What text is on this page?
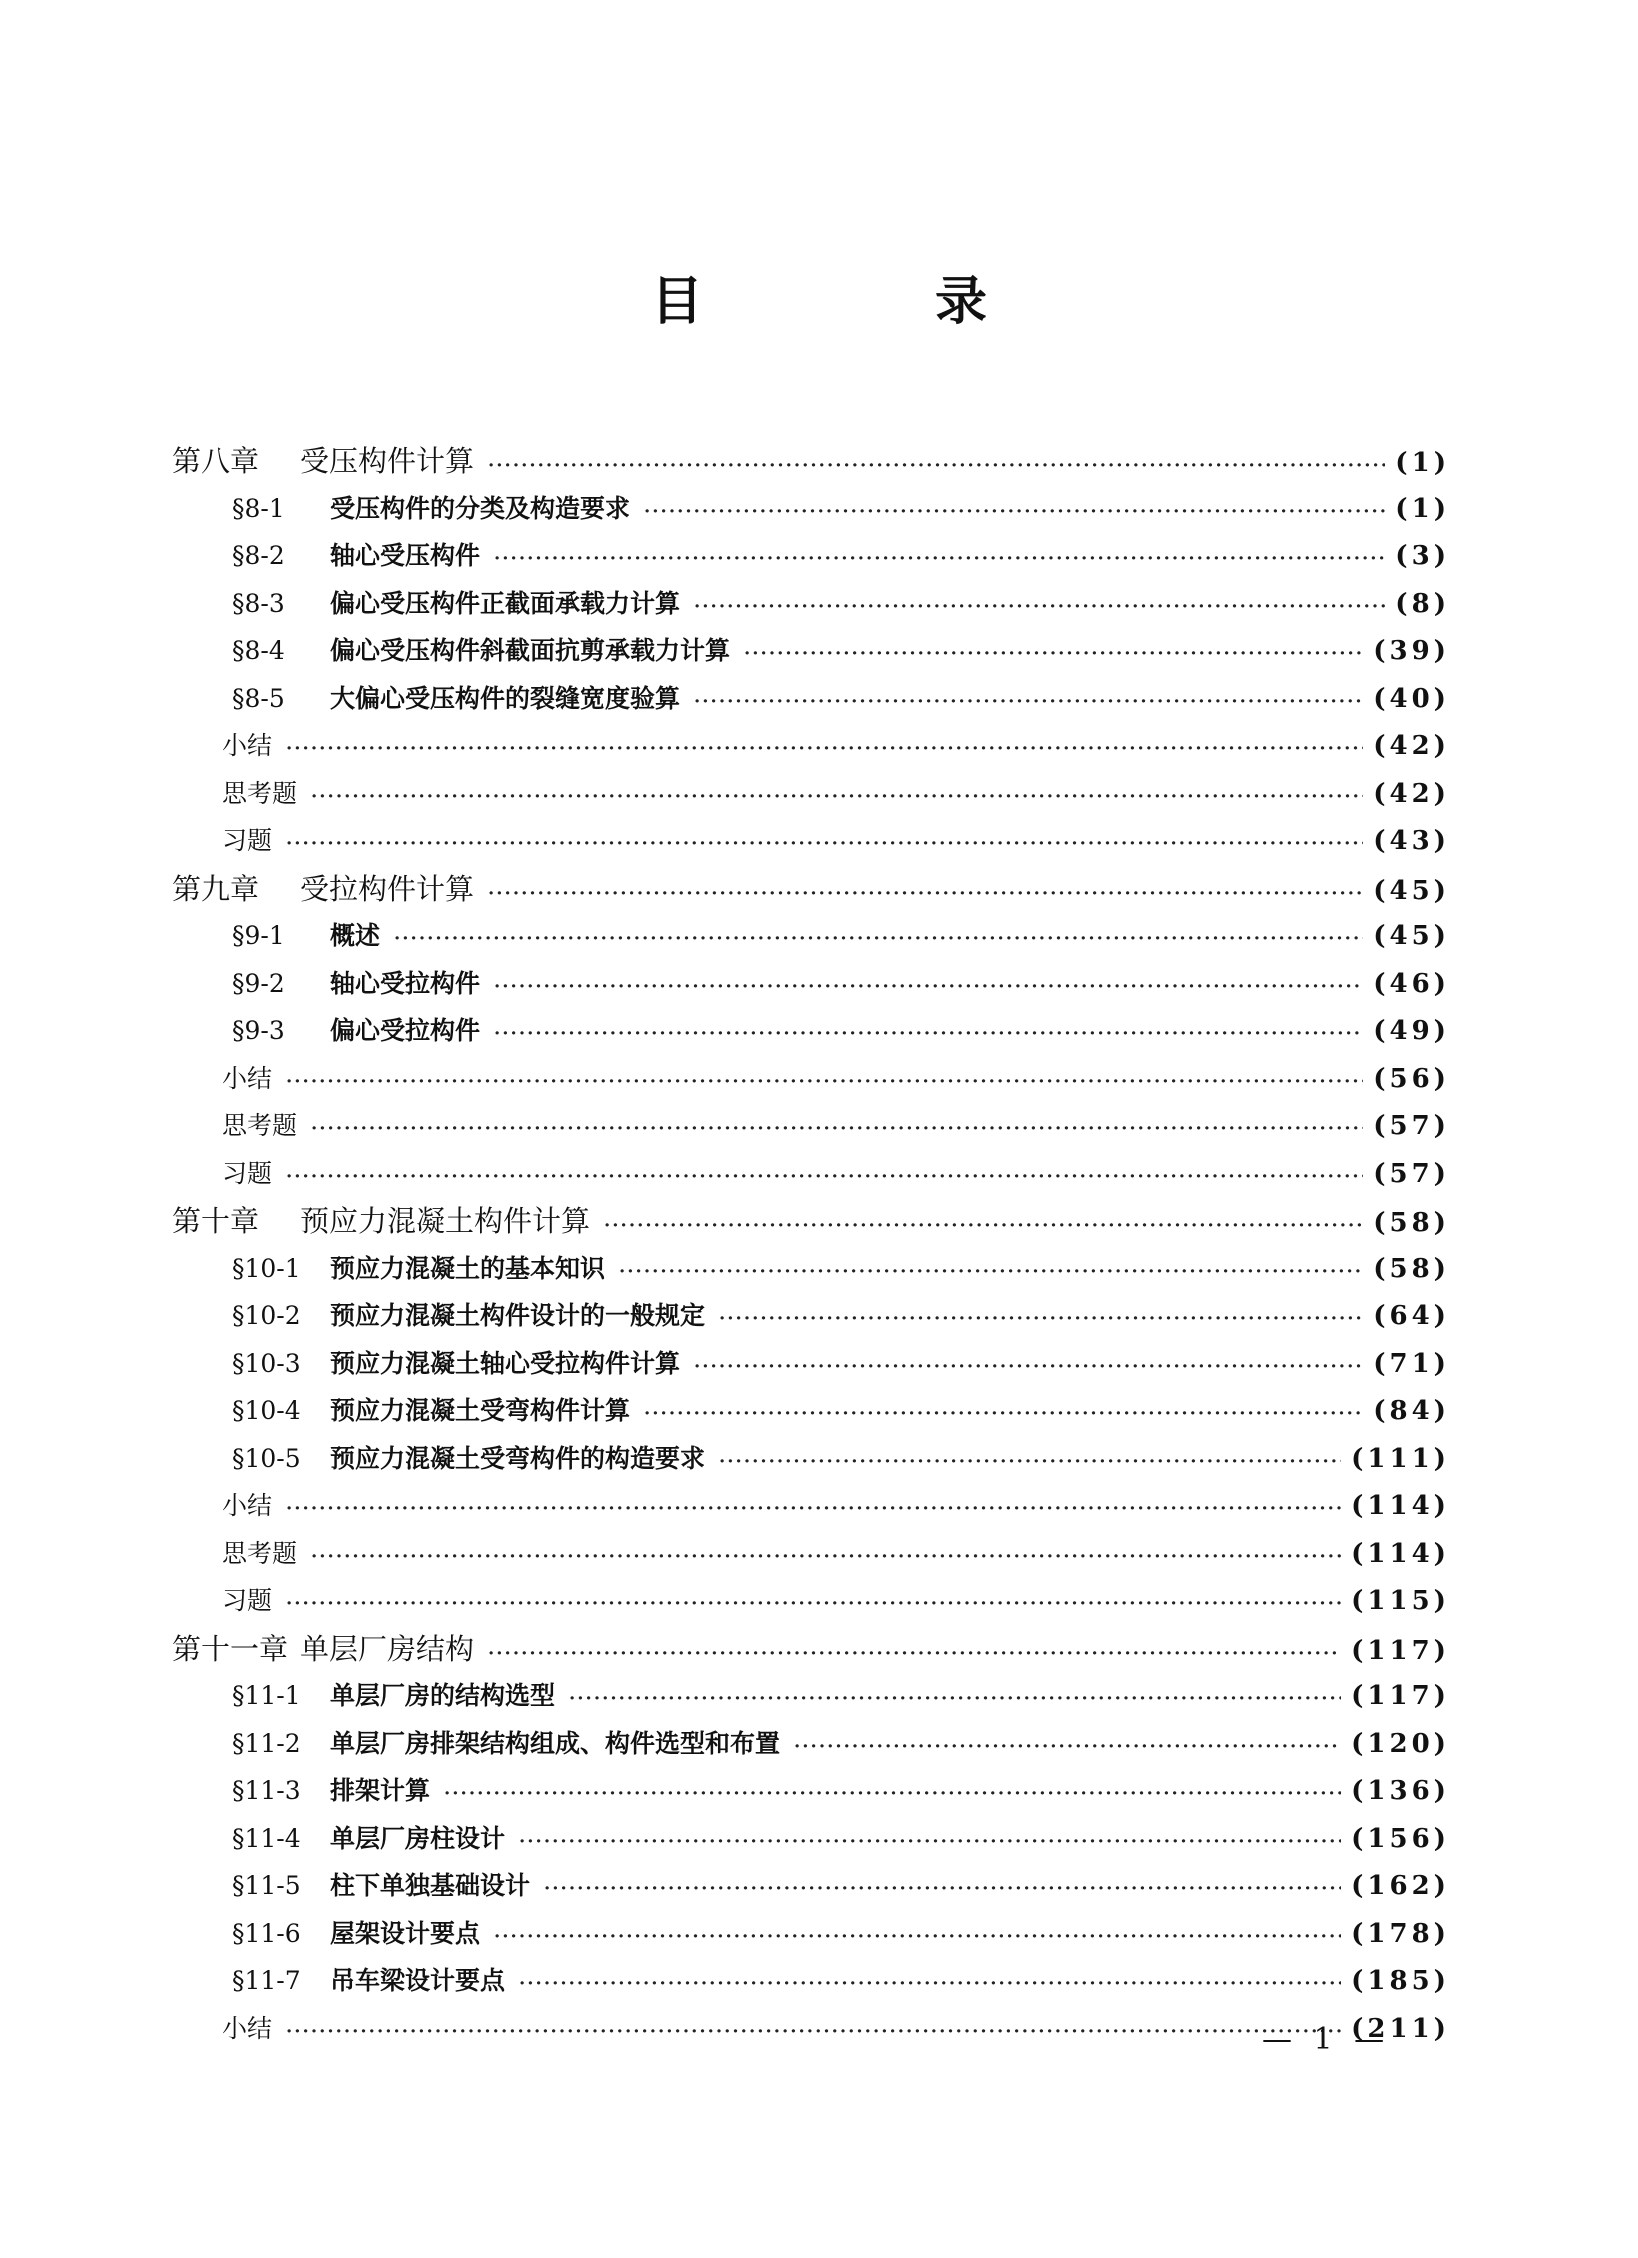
目　录
第八章	受压构件计算 ·····	(1)
§8-1	受压构件的分类及构造要求 ·····	(1)
§8-2	轴心受压构件 ·····	(3)
§8-3	偏心受压构件正截面承载力计算 ·····	(8)
§8-4	偏心受压构件斜截面抗剪承载力计算 ·····	(39)
§8-5	大偏心受压构件的裂缝宽度验算 ·····	(40)
小结 ·····	(42)
思考题 ·····	(42)
习题 ·····	(43)
第九章	受拉构件计算 ·····	(45)
§9-1	概述 ·····	(45)
§9-2	轴心受拉构件 ·····	(46)
§9-3	偏心受拉构件 ·····	(49)
小结 ·····	(56)
思考题 ·····	(57)
习题 ·····	(57)
第十章	预应力混凝土构件计算 ·····	(58)
§10-1	预应力混凝土的基本知识 ·····	(58)
§10-2	预应力混凝土构件设计的一般规定 ·····	(64)
§10-3	预应力混凝土轴心受拉构件计算 ·····	(71)
§10-4	预应力混凝土受弯构件计算 ·····	(84)
§10-5	预应力混凝土受弯构件的构造要求 ·····	(111)
小结 ·····	(114)
思考题 ·····	(114)
习题 ·····	(115)
第十一章 单层厂房结构 ·····	(117)
§11-1	单层厂房的结构选型 ·····	(117)
§11-2	单层厂房排架结构组成、构件选型和布置 ·····	(120)
§11-3	排架计算 ·····	(136)
§11-4	单层厂房柱设计 ·····	(156)
§11-5	柱下单独基础设计 ·····	(162)
§11-6	屋架设计要点 ·····	(178)
§11-7	吊车梁设计要点 ·····	(185)
小结 ·····	(211)
— 1 —
